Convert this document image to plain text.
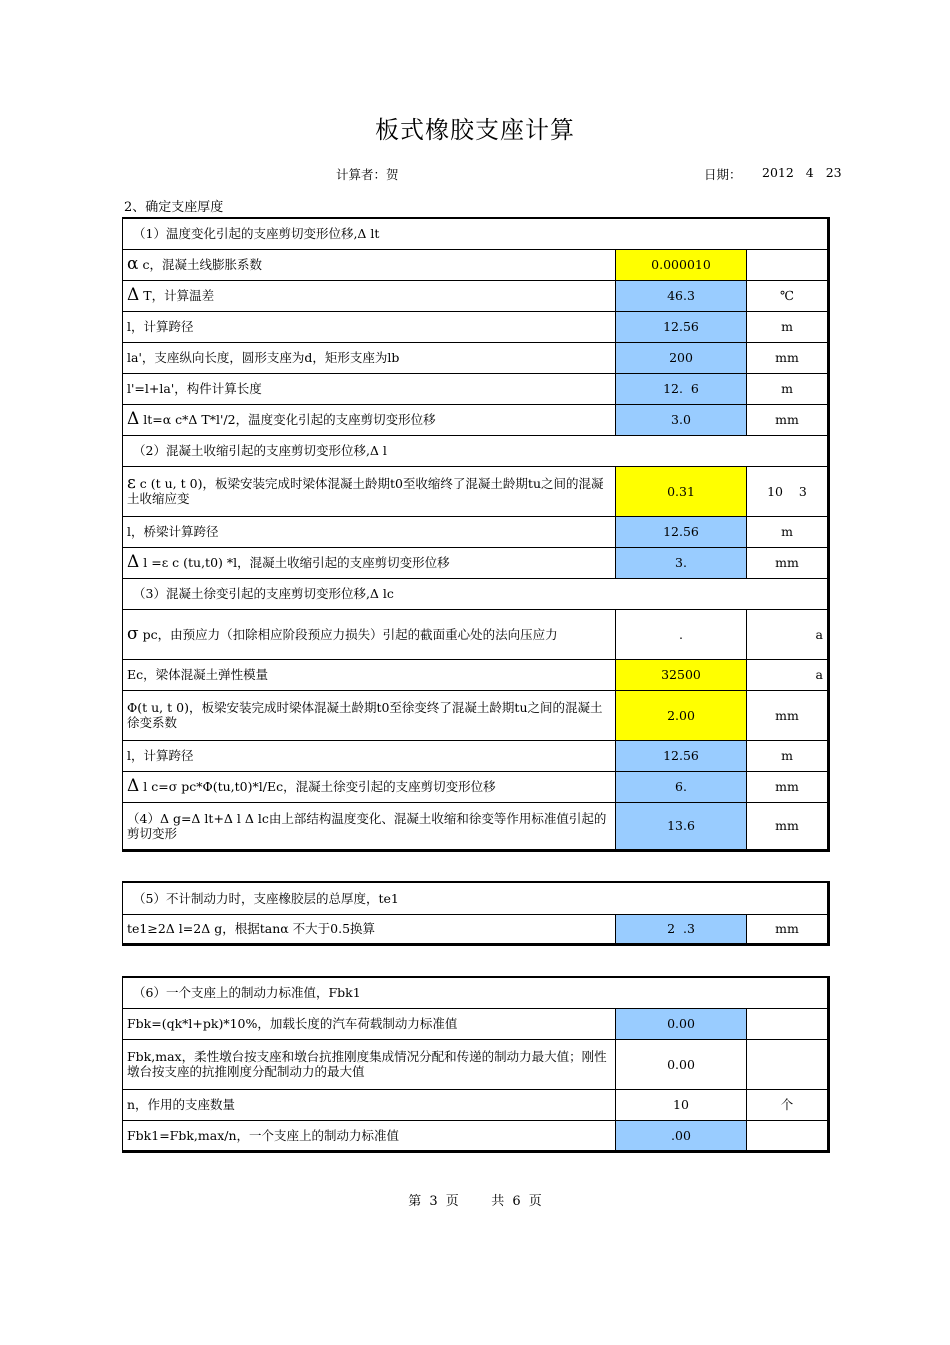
板式橡胶支座计算
计算者：贺	日期： 2012 4 23
2、确定支座厚度
（1）温度变化引起的支座剪切变形位移,Δ lt		
α c，混凝土线膨胀系数	0.000010	
Δ T，计算温差	46.3	℃
l，计算跨径	12.56	m
la'，支座纵向长度，圆形支座为d，矩形支座为lb	200	mm
l'=l+la'，构件计算长度	12.  6	m
Δ lt=α c*Δ T*l'/2，温度变化引起的支座剪切变形位移	3.0	mm
（2）混凝土收缩引起的支座剪切变形位移,Δ l		
ε c (t u, t 0)，板梁安装完成时梁体混凝土龄期t0至收缩终了混凝土龄期tu之间的混凝土收缩应变	0.31	10    3
l，桥梁计算跨径	12.56	m
Δ l =ε c (tu,t0) *l，混凝土收缩引起的支座剪切变形位移	3.	mm
（3）混凝土徐变引起的支座剪切变形位移,Δ lc		
σ pc，由预应力（扣除相应阶段预应力损失）引起的截面重心处的法向压应力	.	a
Ec，梁体混凝土弹性模量	32500	a
Φ(t u, t 0)，板梁安装完成时梁体混凝土龄期t0至徐变终了混凝土龄期tu之间的混凝土徐变系数	2.00	mm
l，计算跨径	12.56	m
Δ l c=σ pc*Φ(tu,t0)*l/Ec，混凝土徐变引起的支座剪切变形位移	6.	mm
（4）Δ g=Δ lt+Δ l Δ lc由上部结构温度变化、混凝土收缩和徐变等作用标准值引起的剪切变形	13.6	mm
（5）不计制动力时，支座橡胶层的总厚度，te1
te1≥2Δ l=2Δ g，根据tanα 不大于0.5换算	2  .3	mm
（6）一个支座上的制动力标准值，Fbk1		
Fbk=(qk*l+pk)*10%，加载长度的汽车荷载制动力标准值	0.00	
Fbk,max，柔性墩台按支座和墩台抗推刚度集成情况分配和传递的制动力最大值；刚性墩台按支座的抗推刚度分配制动力的最大值	0.00	
n，作用的支座数量	10	个
Fbk1=Fbk,max/n，一个支座上的制动力标准值	.00	
第 3 页    共 6 页
